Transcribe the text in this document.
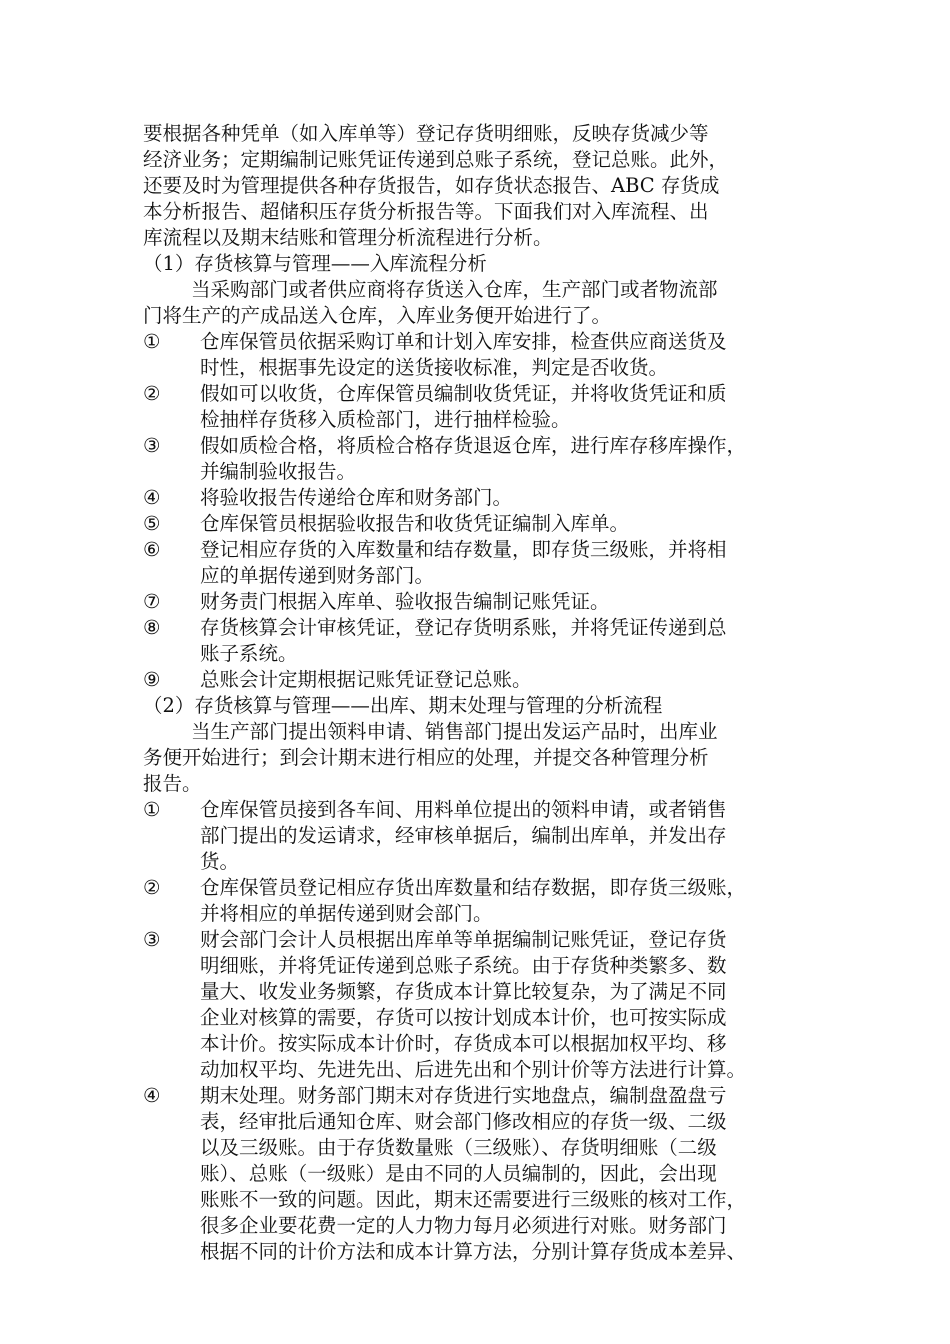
要根据各种凭单（如入库单等）登记存货明细账，反映存货减少等
经济业务；定期编制记账凭证传递到总账子系统，登记总账。此外，
还要及时为管理提供各种存货报告，如存货状态报告、ABC 存货成
本分析报告、超储积压存货分析报告等。下面我们对入库流程、出
库流程以及期末结账和管理分析流程进行分析。
（1）存货核算与管理——入库流程分析
当采购部门或者供应商将存货送入仓库，生产部门或者物流部
门将生产的产成品送入仓库，入库业务便开始进行了。
①	仓库保管员依据采购订单和计划入库安排，检查供应商送货及
时性，根据事先设定的送货接收标准，判定是否收货。
②	假如可以收货，仓库保管员编制收货凭证，并将收货凭证和质
检抽样存货移入质检部门，进行抽样检验。
③	假如质检合格，将质检合格存货退返仓库，进行库存移库操作，
并编制验收报告。
④	将验收报告传递给仓库和财务部门。
⑤	仓库保管员根据验收报告和收货凭证编制入库单。
⑥	登记相应存货的入库数量和结存数量，即存货三级账，并将相
应的单据传递到财务部门。
⑦	财务责门根据入库单、验收报告编制记账凭证。
⑧	存货核算会计审核凭证，登记存货明系账，并将凭证传递到总
账子系统。
⑨	总账会计定期根据记账凭证登记总账。
（2）存货核算与管理——出库、期末处理与管理的分析流程
当生产部门提出领料申请、销售部门提出发运产品时，出库业
务便开始进行；到会计期末进行相应的处理，并提交各种管理分析
报告。
①	仓库保管员接到各车间、用料单位提出的领料申请，或者销售
部门提出的发运请求，经审核单据后，编制出库单，并发出存
货。
②	仓库保管员登记相应存货出库数量和结存数据，即存货三级账，
并将相应的单据传递到财会部门。
③	财会部门会计人员根据出库单等单据编制记账凭证，登记存货
明细账，并将凭证传递到总账子系统。由于存货种类繁多、数
量大、收发业务频繁，存货成本计算比较复杂，为了满足不同
企业对核算的需要，存货可以按计划成本计价，也可按实际成
本计价。按实际成本计价时，存货成本可以根据加权平均、移
动加权平均、先进先出、后进先出和个别计价等方法进行计算。
④	期末处理。财务部门期末对存货进行实地盘点，编制盘盈盘亏
表，经审批后通知仓库、财会部门修改相应的存货一级、二级
以及三级账。由于存货数量账（三级账）、存货明细账（二级
账）、总账（一级账）是由不同的人员编制的，因此，会出现
账账不一致的问题。因此，期末还需要进行三级账的核对工作，
很多企业要花费一定的人力物力每月必须进行对账。财务部门
根据不同的计价方法和成本计算方法，分别计算存货成本差异、
